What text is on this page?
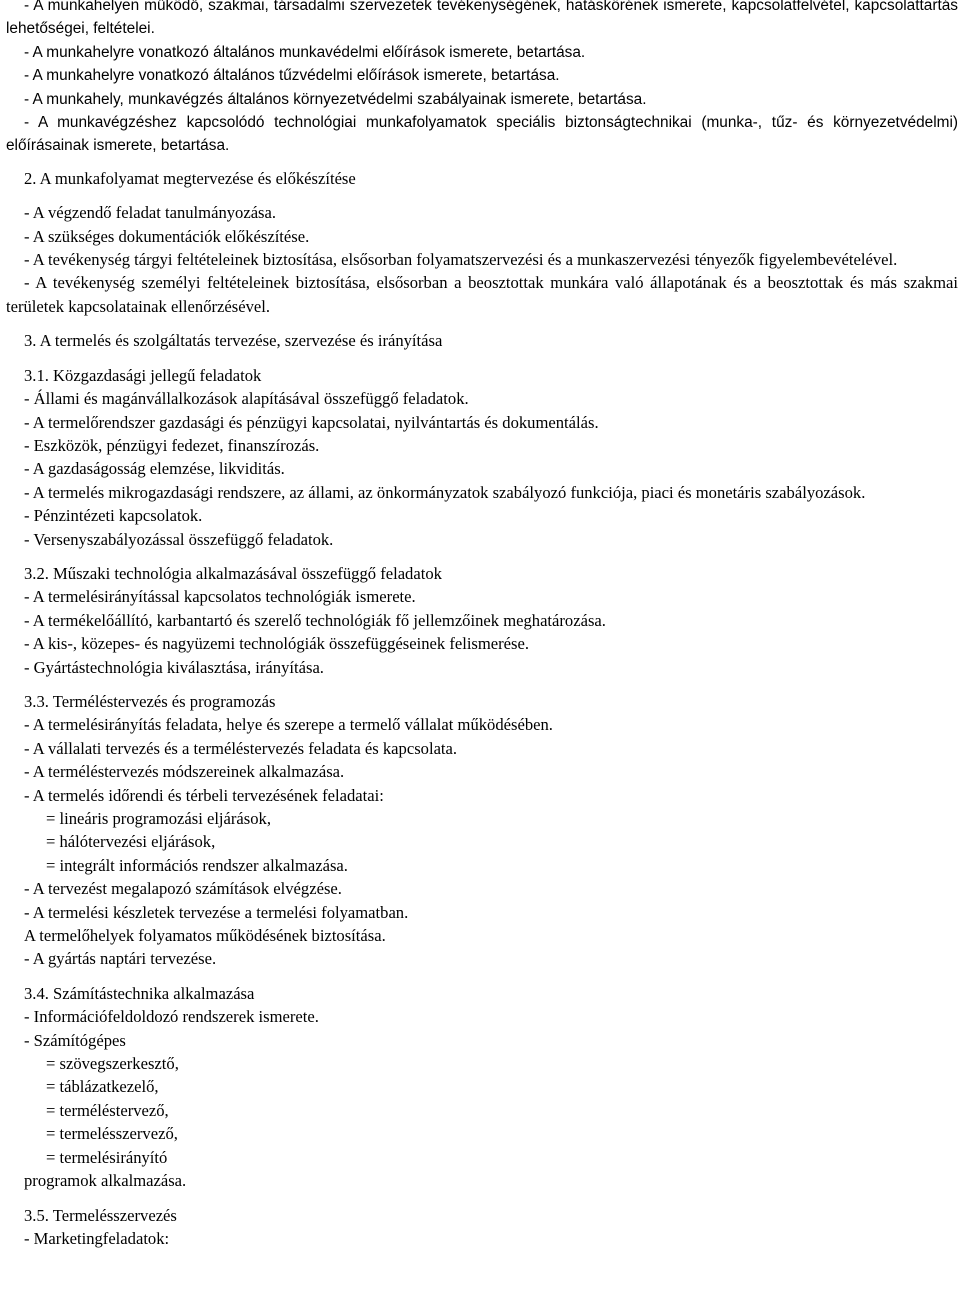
- A munkahelyen működő, szakmai, társadalmi szervezetek tevékenységének, hatáskörének ismerete, kapcsolatfelvétel, kapcsolattartás lehetőségei, feltételei.

- A munkahelyre vonatkozó általános munkavédelmi előírások ismerete, betartása.

- A munkahelyre vonatkozó általános tűzvédelmi előírások ismerete, betartása.

- A munkahely, munkavégzés általános környezetvédelmi szabályainak ismerete, betartása.

- A munkavégzéshez kapcsolódó technológiai munkafolyamatok speciális biztonságtechnikai (munka-, tűz- és környezetvédelmi) előírásainak ismerete, betartása.

2. A munkafolyamat megtervezése és előkészítése

- A végzendő feladat tanulmányozása.

- A szükséges dokumentációk előkészítése.

- A tevékenység tárgyi feltételeinek biztosítása, elsősorban folyamatszervezési és a munkaszervezési tényezők figyelembevételével.

- A tevékenység személyi feltételeinek biztosítása, elsősorban a beosztottak munkára való állapotának és a beosztottak és más szakmai területek kapcsolatainak ellenőrzésével.

3. A termelés és szolgáltatás tervezése, szervezése és irányítása

3.1. Közgazdasági jellegű feladatok

- Állami és magánvállalkozások alapításával összefüggő feladatok.

- A termelőrendszer gazdasági és pénzügyi kapcsolatai, nyilvántartás és dokumentálás.

- Eszközök, pénzügyi fedezet, finanszírozás.

- A gazdaságosság elemzése, likviditás.

- A termelés mikrogazdasági rendszere, az állami, az önkormányzatok szabályozó funkciója, piaci és monetáris szabályozások.

- Pénzintézeti kapcsolatok.

- Versenyszabályozással összefüggő feladatok.

3.2. Műszaki technológia alkalmazásával összefüggő feladatok

- A termelésirányítással kapcsolatos technológiák ismerete.

- A termékelőállító, karbantartó és szerelő technológiák fő jellemzőinek meghatározása.

- A kis-, közepes- és nagyüzemi technológiák összefüggéseinek felismerése.

- Gyártástechnológia kiválasztása, irányítása.

3.3. Terméléstervezés és programozás

- A termelésirányítás feladata, helye és szerepe a termelő vállalat működésében.

- A vállalati tervezés és a terméléstervezés feladata és kapcsolata.

- A terméléstervezés módszereinek alkalmazása.

- A termelés időrendi és térbeli tervezésének feladatai:

= lineáris programozási eljárások,

= hálótervezési eljárások,

= integrált információs rendszer alkalmazása.

- A tervezést megalapozó számítások elvégzése.

- A termelési készletek tervezése a termelési folyamatban.

A termelőhelyek folyamatos működésének biztosítása.

- A gyártás naptári tervezése.

3.4. Számítástechnika alkalmazása

- Információfeldoldozó rendszerek ismerete.

- Számítógépes

= szövegszerkesztő,

= táblázatkezelő,

= terméléstervező,

= termelésszervező,

= termelésirányító

programok alkalmazása.

3.5. Termelésszervezés

- Marketingfeladatok:
